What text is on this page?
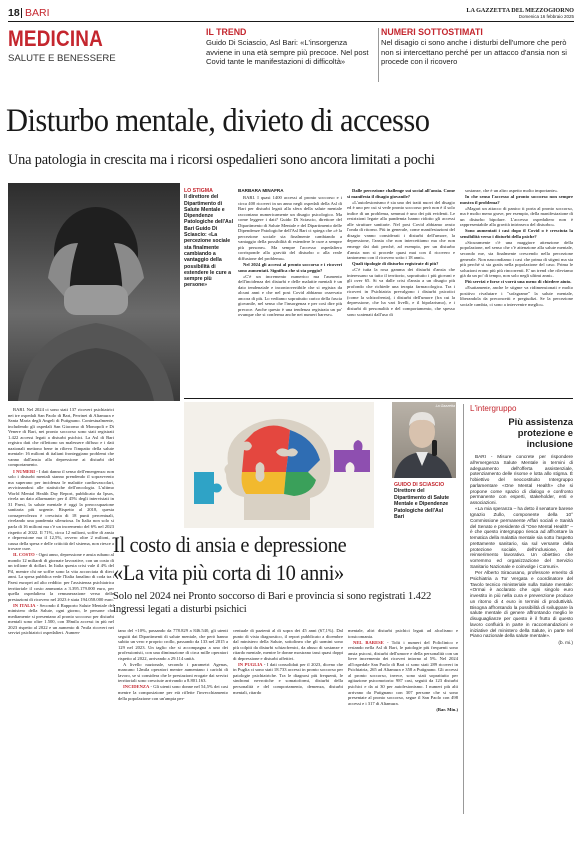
18 BARI	LA GAZZETTA DEL MEZZOGIORNO
Domenica 16 febbraio 2025
MEDICINA
SALUTE E BENESSERE
IL TREND
Guido Di Sciascio, Asl Bari: «L'insorgenza avviene in una età sempre più precoce. Nel post Covid tante le manifestazioni di difficoltà»
NUMERI SOTTOSTIMATI
Nel disagio ci sono anche i disturbi dell'umore che però non si intercettano perché per un attacco d'ansia non si procede con il ricovero
Disturbo mentale, divieto di accesso
Una patologia in crescita ma i ricorsi ospedalieri sono ancora limitati a pochi
LO STIGMA
Il direttore del Dipartimento di Salute Mentale e Dipendenze Patologiche dell'Asl Bari Guido Di Sciascio: «La percezione sociale sta finalmente cambiando a vantaggio della possibilità di estendere le cure a sempre più persone»
BARBARA MINAFRA

BARI. I quasi 1400 accessi al pronto soccorso e i circa 400 ricoveri in un anno negli ospedali della Asl di Bari per disturbi legati alla sfera della salute mentale raccontano numericamente un disagio psicologico. Ma come leggere i dati? Guido Di Sciascio, direttore del Dipartimento di Salute Mentale e del Dipartimento delle Dipendenze Patologiche dell'Asl Bari ci spiega che «è la percezione sociale sta finalmente cambiando a vantaggio della possibilità di estendere le cure a sempre più persone». Ma sempre l'accesso ospedaliero corrisponde alla gravità del disturbo o alla reale diffusione del problema».

Nel 2024 gli accessi al pronto soccorso e i ricoveri sono aumentati. Significa che si sta peggio?

«C'è un incremento numerico ma l'aumento dell'incidenza dei disturbi e delle malattie mentali è un dato tendenziale e incontrovertibile che si registra da alcuni anni e che nel post Covid abbiamo osservato ancora di più. Lo vediamo soprattutto carico della fascia giovanile, nel senso che l'insorgenza e per così dire più precoce. Anche questo è una tendenza registrata un po' ovunque che si conferma anche nei numeri barese».

Dalle percezione challenge sui social all'ansia. Come si manifesta il disagio giovanile?

«L'autolesionismo è sia uno dei tratti nuovi del disagio ed è uno per cui si vede pronto soccorso però non è il solo indice di un problema, semmai è uno dei più evidenti. Le restrizioni legate alla pandemia hanno ridotto gli accessi alle strutture sanitarie. Nel post Covid abbiamo avuto l'onda di ritorno. Più in generale, come manifestazioni del disagio vanno considerati i disturbi dell'umore, la depressione, l'ansia che non intercettiamo ma che non emerge dai dati perché, ad esempio, per un disturbo d'ansia non si procede quasi mai con il ricovero e tantomeno con il ricovero sotto i 18 anni».

Quali tipologie di disturbo registrate di più?

«C'è tutta la rosa gamma dei disturbi d'ansia che interessano su tutto il territorio, soprattutto i più giovani e gli over 65. Si va dalle crisi d'ansia a un disagio più profondo che richiede una terapia farmacologica. Tra i ricoveri in Psichiatria prevalgono i disturbi psicotici (come la schizofrenia), i disturbi dell'umore (fra cui la depressione, che ha vari livelli, e il bipolarismo), e i disturbi di personalità e del comportamento, che spesso sono scatenati dall'uso di

sostanze, che è un altro aspetto molto importante».

In che senso l'accesso al pronto soccorso non sempre mostra il problema?

«Magari un attacco di panico ti porta al pronto soccorso, ma è molto meno grave, per esempio, della manifestazione di un disturbo bipolare. L'accesso ospedaliero non è rappresentabile alla gravità intrinseca del disturbo».

Sono aumentati i casi dopo il Covid o è cresciuta la sensibilità verso i disturbi della psiche?

«Sicuramente c'è una maggiore attenzione della popolazione, nel senso che c'è attenzione alla salute mentale, secondo me, sta finalmente crescendo nella percezione generale. Non nascondiamo i casi che prima di stigmi ma sta più perché si sta gratis nella popolazione del caso. Prima le soluzioni erano più più rincorrenti. E' un trend che rileviamo già da un po' di tempo, non solo negli ultimi anni».

Più servizi e forse ci vorrà una meno di chiedere aiuto.

«Esattamente, anche le stigme va ridimensionati e molto positivo rivalutare i "sofagrame" la salute mentale, liberandola da preconcetti e pregiudizi. Se la percezione sociale cambia, ci sono a intervenire meglio».

BARI. Nel 2024 ci sono stati 137 ricoveri psichiatrici nei tre ospedali San Paolo di Bari, Perrinei di Altamura e Santa Maria degli Angeli di Putignano. Contestualmente, includendo gli ospedali San Giacomo di Monopoli e Di Venere di Bari, nei pronto soccorso sono stati registrati 1.422 accessi legati a disturbi psichici. La Asl di Bari registra dati che riflettono un malessere diffuso e i dati nazionali mettono bene in rilievo l'impatto della salute mentale: 16 milioni di italiani fronteggiano problemi che vanno dall'ansia alla depressione ai disturbi del comportamento.

I NUMERI - I dati danno il senso dell'emergenza: non solo i disturbi mentali stanno prendendo il sopravvento ma superano per incidenza le malattie cardiovascolari, avvicinandosi alle statistiche dell'oncologia. L'ultimo World Mental Health Day Report, pubblicato da Ipsos, rivela un dato allarmante: per il 45% degli intervistati in 31 Paesi, la salute mentale è oggi la preoccupazione sanitaria più urgente. Rispetto al 2018, questa consapevolezza è cresciuta di 18 punti percentuali, rivelando una pandemia silenziosa. In Italia non solo si parla di 16 milioni ma c'è un incremento del 6% nel 2023 rispetto al 2022. Il 71%, circa 12 milioni, soffre di ansia e depressione ma il 12,5%, ovvero oltre 2 milioni, a causa della spesa e delle criticità del sistema, non riesce a trovare cure.

IL COSTO - Ogni anno, depressione e ansia rubano al mondo 12 miliardi di giornate lavorative, con un costo di un trilione di dollari. In Italia questa crisi vale il 4% del Pil, mentre chi ne soffre sono la vita accorciata di dieci anni. La spesa pubblica vede l'Italia fanalino di coda tra i Paesi europei ad alto reddito: per l'assistenza psichiatrica territoriale il costo ammonta a 3.395.179.000 euro, per quella ospedaliera la remunerazione verso delle prestazioni di ricovero nel 2023 è stata 194.058.000 euro.

IN ITALIA - Secondo il Rapporto Salute Mentale del ministero della Salute, ogni giorno, le persone che mediamente si presentano al pronto soccorso per disturbi mentali sono oltre 1.500, con 38mila accessi in più nel 2023 rispetto al 2022 e un aumento di 7mila ricoveri nei servizi psichiatrici ospedalieri. Aumen-

La Gazzetta
GUIDO DI SCIASCIO
Direttore del Dipartimento di Salute Mentale e Dipendenze Patologiche dell'Asl Bari
L'intergruppo
Più assistenza protezione e inclusione

BARI - Misure concrete per rispondere all'emergenza Salute Mentale in termini di adeguamento dell'offerta assistenziale, potenziamento delle risorse e lotta allo stigma. È l'obiettivo del neocostituito Intergruppo parlamentare «One Mental Health» che si propone come spazio di dialogo e confronto permanente con esperti, stakeholder, enti e associazioni.

«La mia speranza – ha detto il senatore barese Ignazio Zullo, componente della 10° Commissione permanente Affari sociali e Sanità del Senato e presidente di "One Mental Health" – è che questo intergruppo riesca ad affrontare la tematica della malattia mentale sia sotto l'aspetto prettamente sanitario, sia sul versante della protezione sociale, dell'inclusione, del reinserimento lavorativo. Un obiettivo che vorremmo ed organizzazione del Servizio Sanitario Nazionale e coinvolge i Comuni».

Per Alberto Siracusano, professore emerito di Psichiatria a Tor Vergata e coordinatore del Tavolo tecnico ministeriale sulla Salute mentale: «Ormai è acclarato che ogni singolo euro investito in più nella cura e prevenzione produce un ritorno di 4 euro in termini di produttività. Bisogna affrontando la possibilità di sviluppare la salute mentale di genere affrontando meglio le disuguaglianze per questo è il frutto di questo lavoro confluirà in parte in raccomandazioni e iniziative del ministero della Salute, in parte nel Piano nazionale della salute mentale».

(b. mi.)

Il costo di ansia e depressione
«La vita più corta di 10 anni»
Solo nel 2024 nei Pronto soccorso di Bari e provincia si sono registrati 1.422 ingressi legati a disturbi psichici

tano del +10%, passando da 778.829 a 846.540, gli utenti seguiti dai Dipartimenti di salute mentale, che però hanno subito un vero e proprio crollo, passando da 133 nel 2015 a 129 nel 2023. Un taglio che si accompagna a uno dei professionisti, con una diminuzione di circa mille operatori rispetto al 2022, arrivando a 29.114 unità.

A livello nazionale, secondo i parametri Agenas, mancano 12mila operatori mentre aumentano i carichi di lavoro, se si considera che le prestazioni erogate dai servizi territoriali sono cresciute arrivando a 8.801.163.

INCIDENZA - Gli utenti sono donne nel 54,5% dei casi mentre la composizione per età riflette l'invecchiamento della popolazione con un'ampia per-

centuale di pazienti al di sopra dei 45 anni (67,1%). Dal punto di vista diagnostico, il report pubblicato a dicembre dal ministero della Salute, sottolinea che gli uomini sono più colpiti da disturbi schizofrenici, da abuso di sostanze e ritardo mentale, mentre le donne mostrano tassi quasi doppi di depressione e disturbi affettivi.

IN PUGLIA - I dati consolidati per il 2023, diceno che in Puglia ci sono stati 18.733 accessi in pronto soccorso per patologie psichiatriche. Tra le diagnosi più frequenti, le sindromi nevrotiche e somatoformi, disturbi della personalità e del comportamento, demenza, disturbi mentali, ritardo

mentale, altri disturbi psichici legati ad alcolismo e tossicomania.

NEL BARESE - Tolti i numeri del Policlinico e restando nella Asl di Bari, le patologie più frequenti sono ansia psicosi, disturbi dell'umore e della personalità con un lieve incremento dei ricoveri intorno al 5%. Nel 2024 all'ospedale San Paolo di Bari ci sono stati 289 ricoveri in Psichiatria, 265 ad Altamura e 358 a Putignano. Gli accessi al pronto soccorso, invece, sono stati soprattutto per agitazione psicomotoria: 987 casi, seguiti da 123 disturbi psichici e da ai 30 per autolesionismo. I numeri più alti arrivano da Putignano con 307 persone che si sono presentate al pronto soccorso, segue il San Paolo con 498 accessi e i 317 di Altamura.

(Bar. Min.)
